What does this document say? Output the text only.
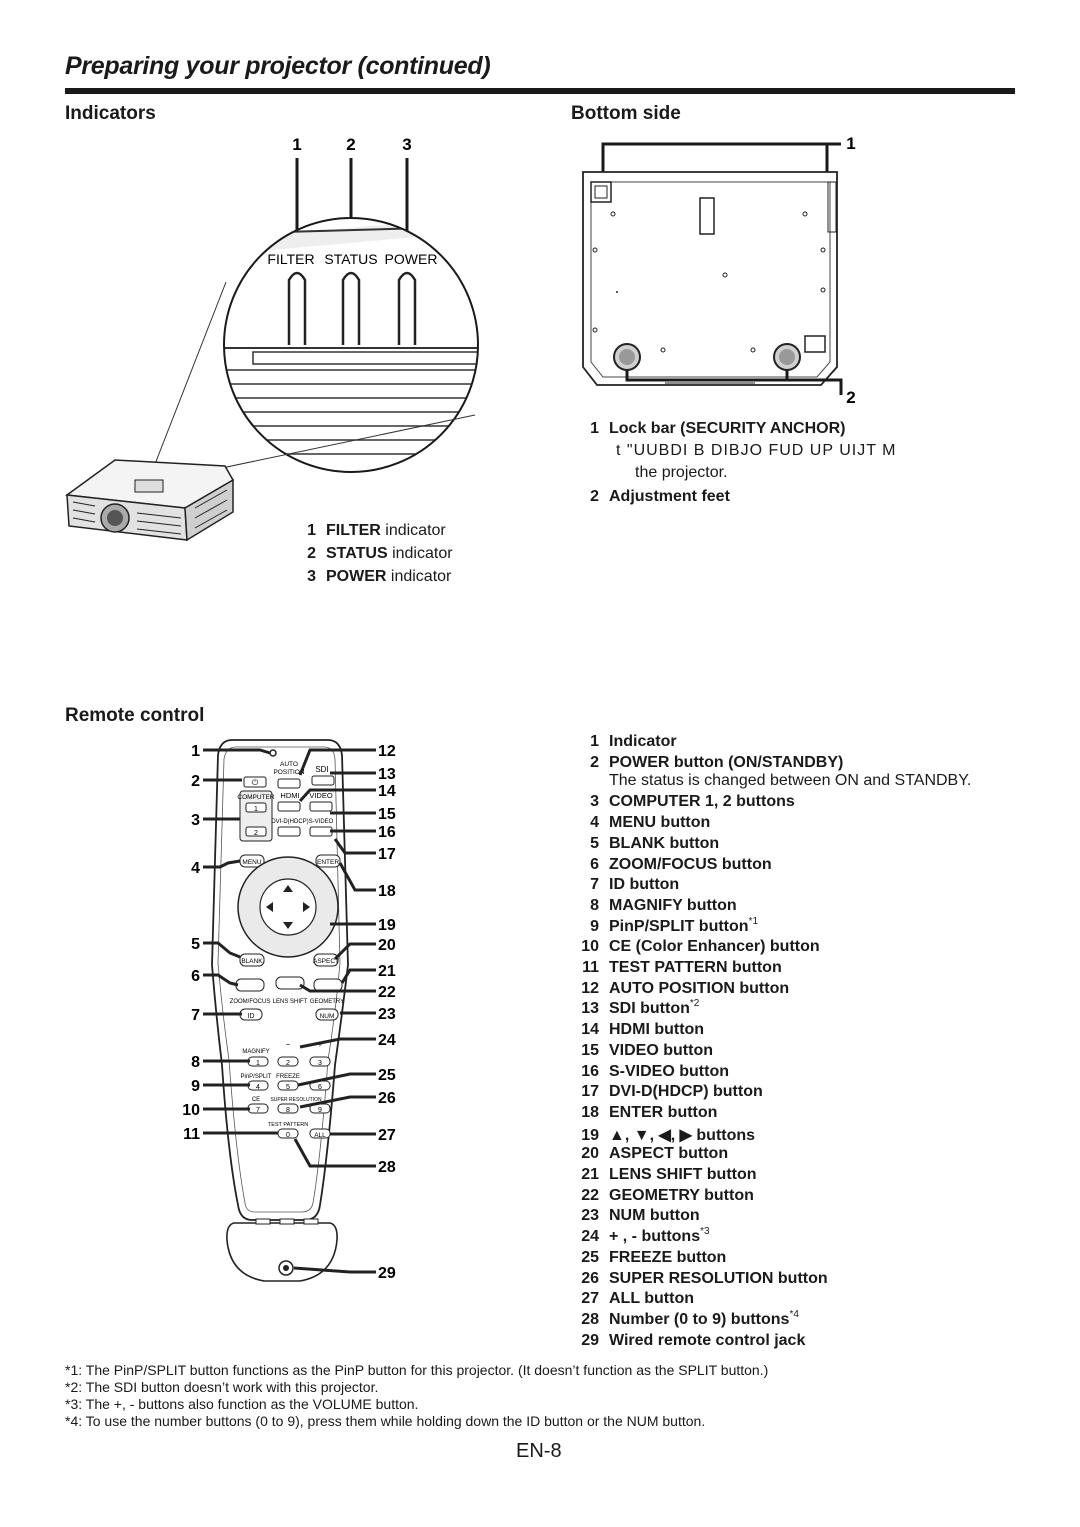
Preparing your projector (continued)
Indicators
1	2	3
FILTER STATUS POWER
1 FILTER indicator
2 STATUS indicator
3 POWER indicator
Bottom side
1
2
1 Lock bar (SECURITY ANCHOR)
t "UUBDI B DIBJO FUD UP UIJT M
the projector.
2 Adjustment feet
Remote control
AUTO POSITION SDI
⏻
COMPUTER
1
2
HDMI VIDEO
DVI-D(HDCP) S-VIDEO
MENU	ENTER
BLANK	ASPECT
ZOOM/FOCUS LENS SHIFT GEOMETRY
ID	NUM
MAGNIFY
−	+
1	2	3
PinP/SPLIT FREEZE
4	5	6
CE SUPER RESOLUTION
7	8	9
TEST PATTERN
0	ALL
1
2
3
4
5
6
7
8
9
10
11
12
13
14
15
16
17
18
19
20
21
22
23
24
25
26
27
28
29
1 Indicator
2 POWER button (ON/STANDBY)
The status is changed between ON and STANDBY.
3 COMPUTER 1, 2 buttons
4 MENU button
5 BLANK button
6 ZOOM/FOCUS button
7 ID button
8 MAGNIFY button
9 PinP/SPLIT button$^{*1}$
10 CE (Color Enhancer) button
11 TEST PATTERN button
12 AUTO POSITION button
13 SDI button$^{*2}$
14 HDMI button
15 VIDEO button
16 S-VIDEO button
17 DVI-D(HDCP) button
18 ENTER button
19 ▲, ▼, ◀, ▶ buttons
20 ASPECT button
21 LENS SHIFT button
22 GEOMETRY button
23 NUM button
24 + , - buttons$^{*3}$
25 FREEZE button
26 SUPER RESOLUTION button
27 ALL button
28 Number (0 to 9) buttons$^{*4}$
29 Wired remote control jack
*1: The PinP/SPLIT button functions as the PinP button for this projector. (It doesn’t function as the SPLIT button.)
*2: The SDI button doesn’t work with this projector.
*3: The +, - buttons also function as the VOLUME button.
*4: To use the number buttons (0 to 9), press them while holding down the ID button or the NUM button.
EN-8
